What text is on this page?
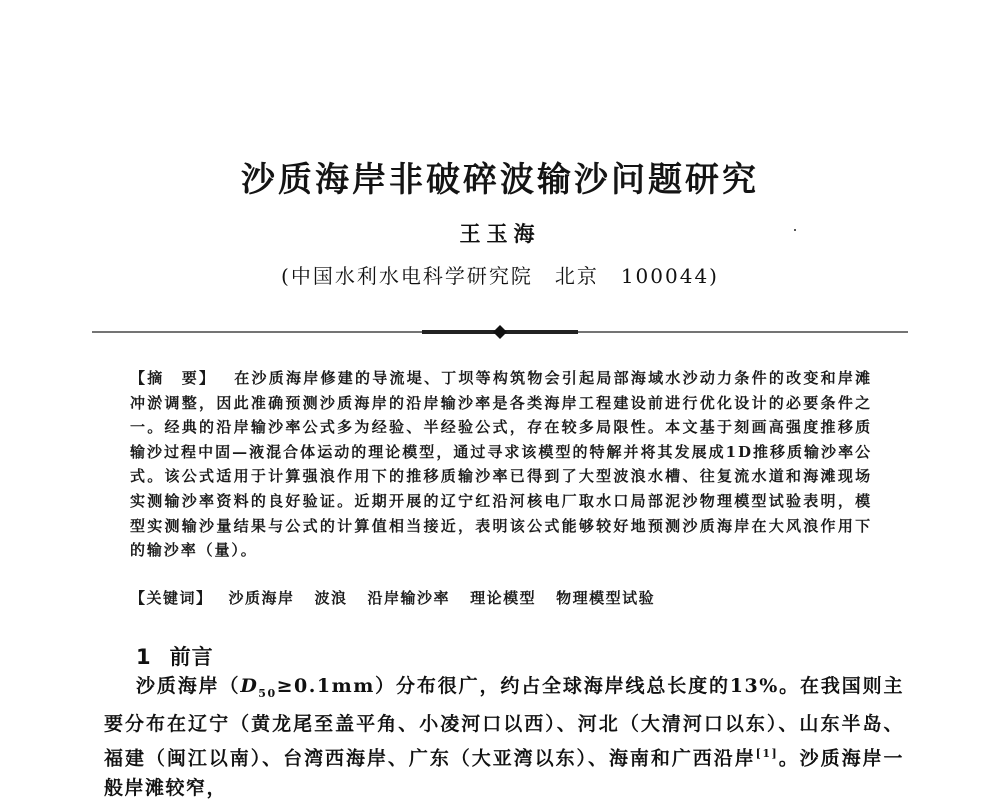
沙质海岸非破碎波输沙问题研究
王玉海
(中国水利水电科学研究院　北京　100044)
【摘　要】 在沙质海岸修建的导流堤、丁坝等构筑物会引起局部海域水沙动力条件的改变和岸滩冲淤调整，因此准确预测沙质海岸的沿岸输沙率是各类海岸工程建设前进行优化设计的必要条件之一。经典的沿岸输沙率公式多为经验、半经验公式，存在较多局限性。本文基于刻画高强度推移质输沙过程中固—液混合体运动的理论模型，通过寻求该模型的特解并将其发展成1D推移质输沙率公式。该公式适用于计算强浪作用下的推移质输沙率已得到了大型波浪水槽、往复流水道和海滩现场实测输沙率资料的良好验证。近期开展的辽宁红沿河核电厂取水口局部泥沙物理模型试验表明，模型实测输沙量结果与公式的计算值相当接近，表明该公式能够较好地预测沙质海岸在大风浪作用下的输沙率（量）。
【关键词】 沙质海岸 波浪 沿岸输沙率 理论模型 物理模型试验
1 前言

沙质海岸$(D_{50}\ge 0.1mm)$分布很广，约占全球海岸线总长度的13%。在我国则主要分布在辽宁（黄龙尾至盖平角、小凌河口以西）、河北（大清河口以东）、山东半岛、福建（闽江以南）、台湾西海岸、广东（大亚湾以东）、海南和广西沿岸[1]。沙质海岸一般岸滩较窄，
